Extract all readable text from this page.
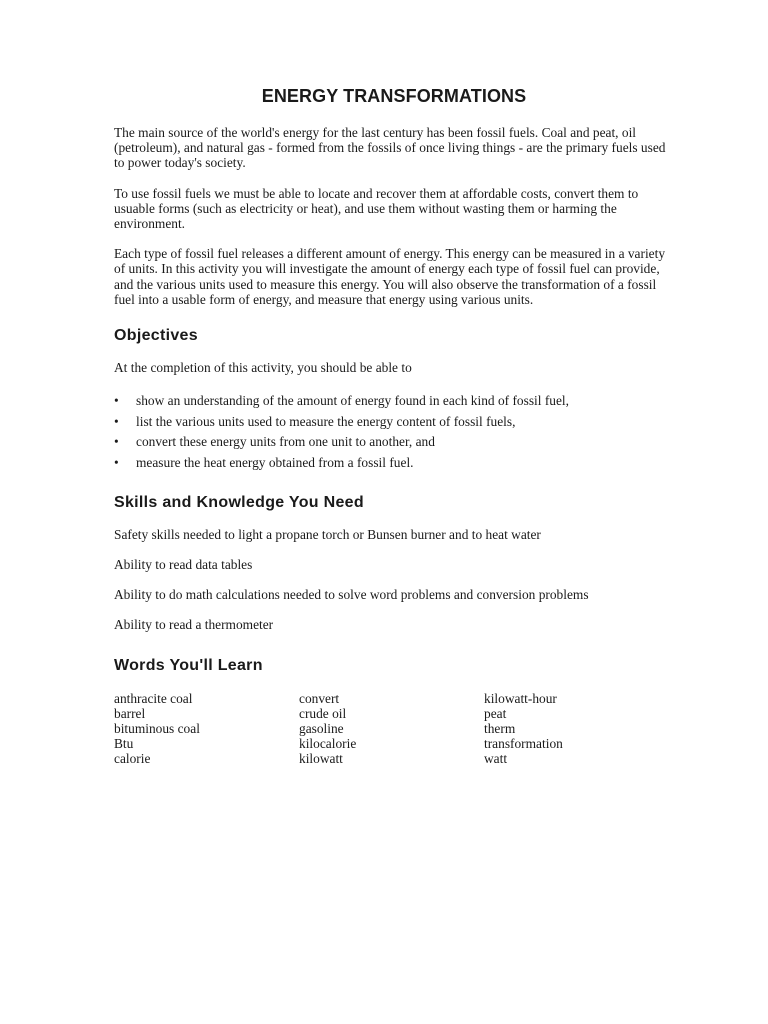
ENERGY TRANSFORMATIONS

The main source of the world's energy for the last century has been fossil fuels. Coal and peat, oil (petroleum), and natural gas - formed from the fossils of once living things - are the primary fuels used to power today's society.

To use fossil fuels we must be able to locate and recover them at affordable costs, convert them to usuable forms (such as electricity or heat), and use them without wasting them or harming the environment.

Each type of fossil fuel releases a different amount of energy. This energy can be measured in a variety of units. In this activity you will investigate the amount of energy each type of fossil fuel can provide, and the various units used to measure this energy. You will also observe the transformation of a fossil fuel into a usable form of energy, and measure that energy using various units.

Objectives

At the completion of this activity, you should be able to

• show an understanding of the amount of energy found in each kind of fossil fuel,
• list the various units used to measure the energy content of fossil fuels,
• convert these energy units from one unit to another, and
• measure the heat energy obtained from a fossil fuel.
Skills and Knowledge You Need

Safety skills needed to light a propane torch or Bunsen burner and to heat water

Ability to read data tables

Ability to do math calculations needed to solve word problems and conversion problems

Ability to read a thermometer

Words You'll Learn
anthracite coal
barrel
bituminous coal
Btu
calorie
convert
crude oil
gasoline
kilocalorie
kilowatt
kilowatt-hour
peat
therm
transformation
watt
